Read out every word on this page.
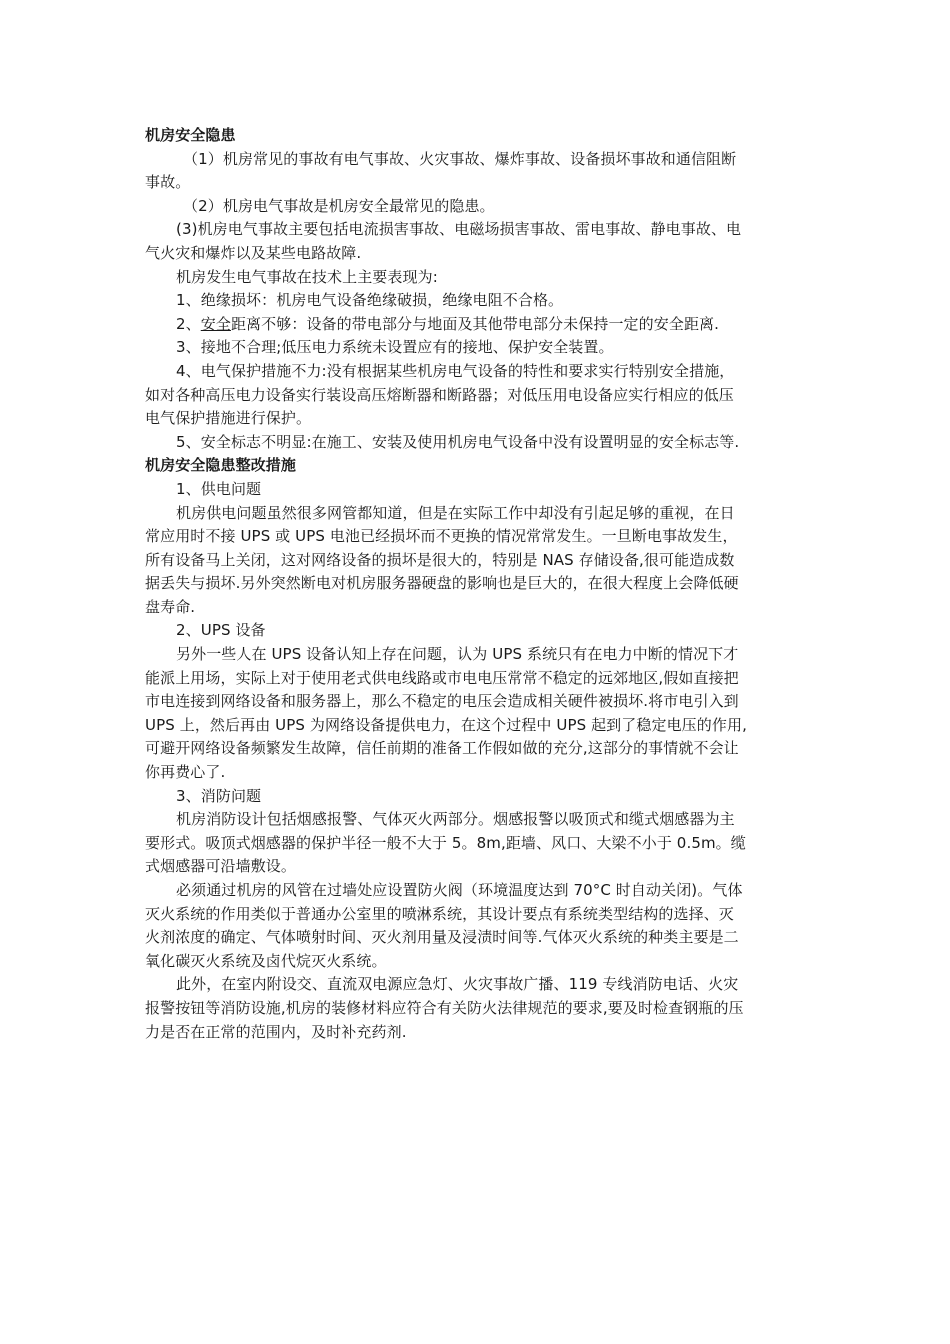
机房安全隐患
（1）机房常见的事故有电气事故、火灾事故、爆炸事故、设备损坏事故和通信阻断
事故。
（2）机房电气事故是机房安全最常见的隐患。
(3)机房电气事故主要包括电流损害事故、电磁场损害事故、雷电事故、静电事故、电
气火灾和爆炸以及某些电路故障.
机房发生电气事故在技术上主要表现为:
1、绝缘损坏：机房电气设备绝缘破损，绝缘电阻不合格。
2、安全距离不够：设备的带电部分与地面及其他带电部分未保持一定的安全距离.
3、接地不合理;低压电力系统未设置应有的接地、保护安全装置。
4、电气保护措施不力:没有根据某些机房电气设备的特性和要求实行特别安全措施，
如对各种高压电力设备实行装设高压熔断器和断路器；对低压用电设备应实行相应的低压
电气保护措施进行保护。
5、安全标志不明显:在施工、安装及使用机房电气设备中没有设置明显的安全标志等.
机房安全隐患整改措施
1、供电问题
机房供电问题虽然很多网管都知道，但是在实际工作中却没有引起足够的重视，在日
常应用时不接 UPS 或 UPS 电池已经损坏而不更换的情况常常发生。一旦断电事故发生，
所有设备马上关闭，这对网络设备的损坏是很大的，特别是 NAS 存储设备,很可能造成数
据丢失与损坏.另外突然断电对机房服务器硬盘的影响也是巨大的，在很大程度上会降低硬
盘寿命.
2、UPS 设备
另外一些人在 UPS 设备认知上存在问题，认为 UPS 系统只有在电力中断的情况下才
能派上用场，实际上对于使用老式供电线路或市电电压常常不稳定的远郊地区,假如直接把
市电连接到网络设备和服务器上，那么不稳定的电压会造成相关硬件被损坏.将市电引入到
UPS 上，然后再由 UPS 为网络设备提供电力，在这个过程中 UPS 起到了稳定电压的作用,
可避开网络设备频繁发生故障，信任前期的准备工作假如做的充分,这部分的事情就不会让
你再费心了.
3、消防问题
机房消防设计包括烟感报警、气体灭火两部分。烟感报警以吸顶式和缆式烟感器为主
要形式。吸顶式烟感器的保护半径一般不大于 5。8m,距墙、风口、大梁不小于 0.5m。缆
式烟感器可沿墙敷设。
必须通过机房的风管在过墙处应设置防火阀（环境温度达到 70°C 时自动关闭)。气体
灭火系统的作用类似于普通办公室里的喷淋系统，其设计要点有系统类型结构的选择、灭
火剂浓度的确定、气体喷射时间、灭火剂用量及浸渍时间等.气体灭火系统的种类主要是二
氧化碳灭火系统及卤代烷灭火系统。
此外，在室内附设交、直流双电源应急灯、火灾事故广播、119 专线消防电话、火灾
报警按钮等消防设施,机房的装修材料应符合有关防火法律规范的要求,要及时检查钢瓶的压
力是否在正常的范围内，及时补充药剂.
